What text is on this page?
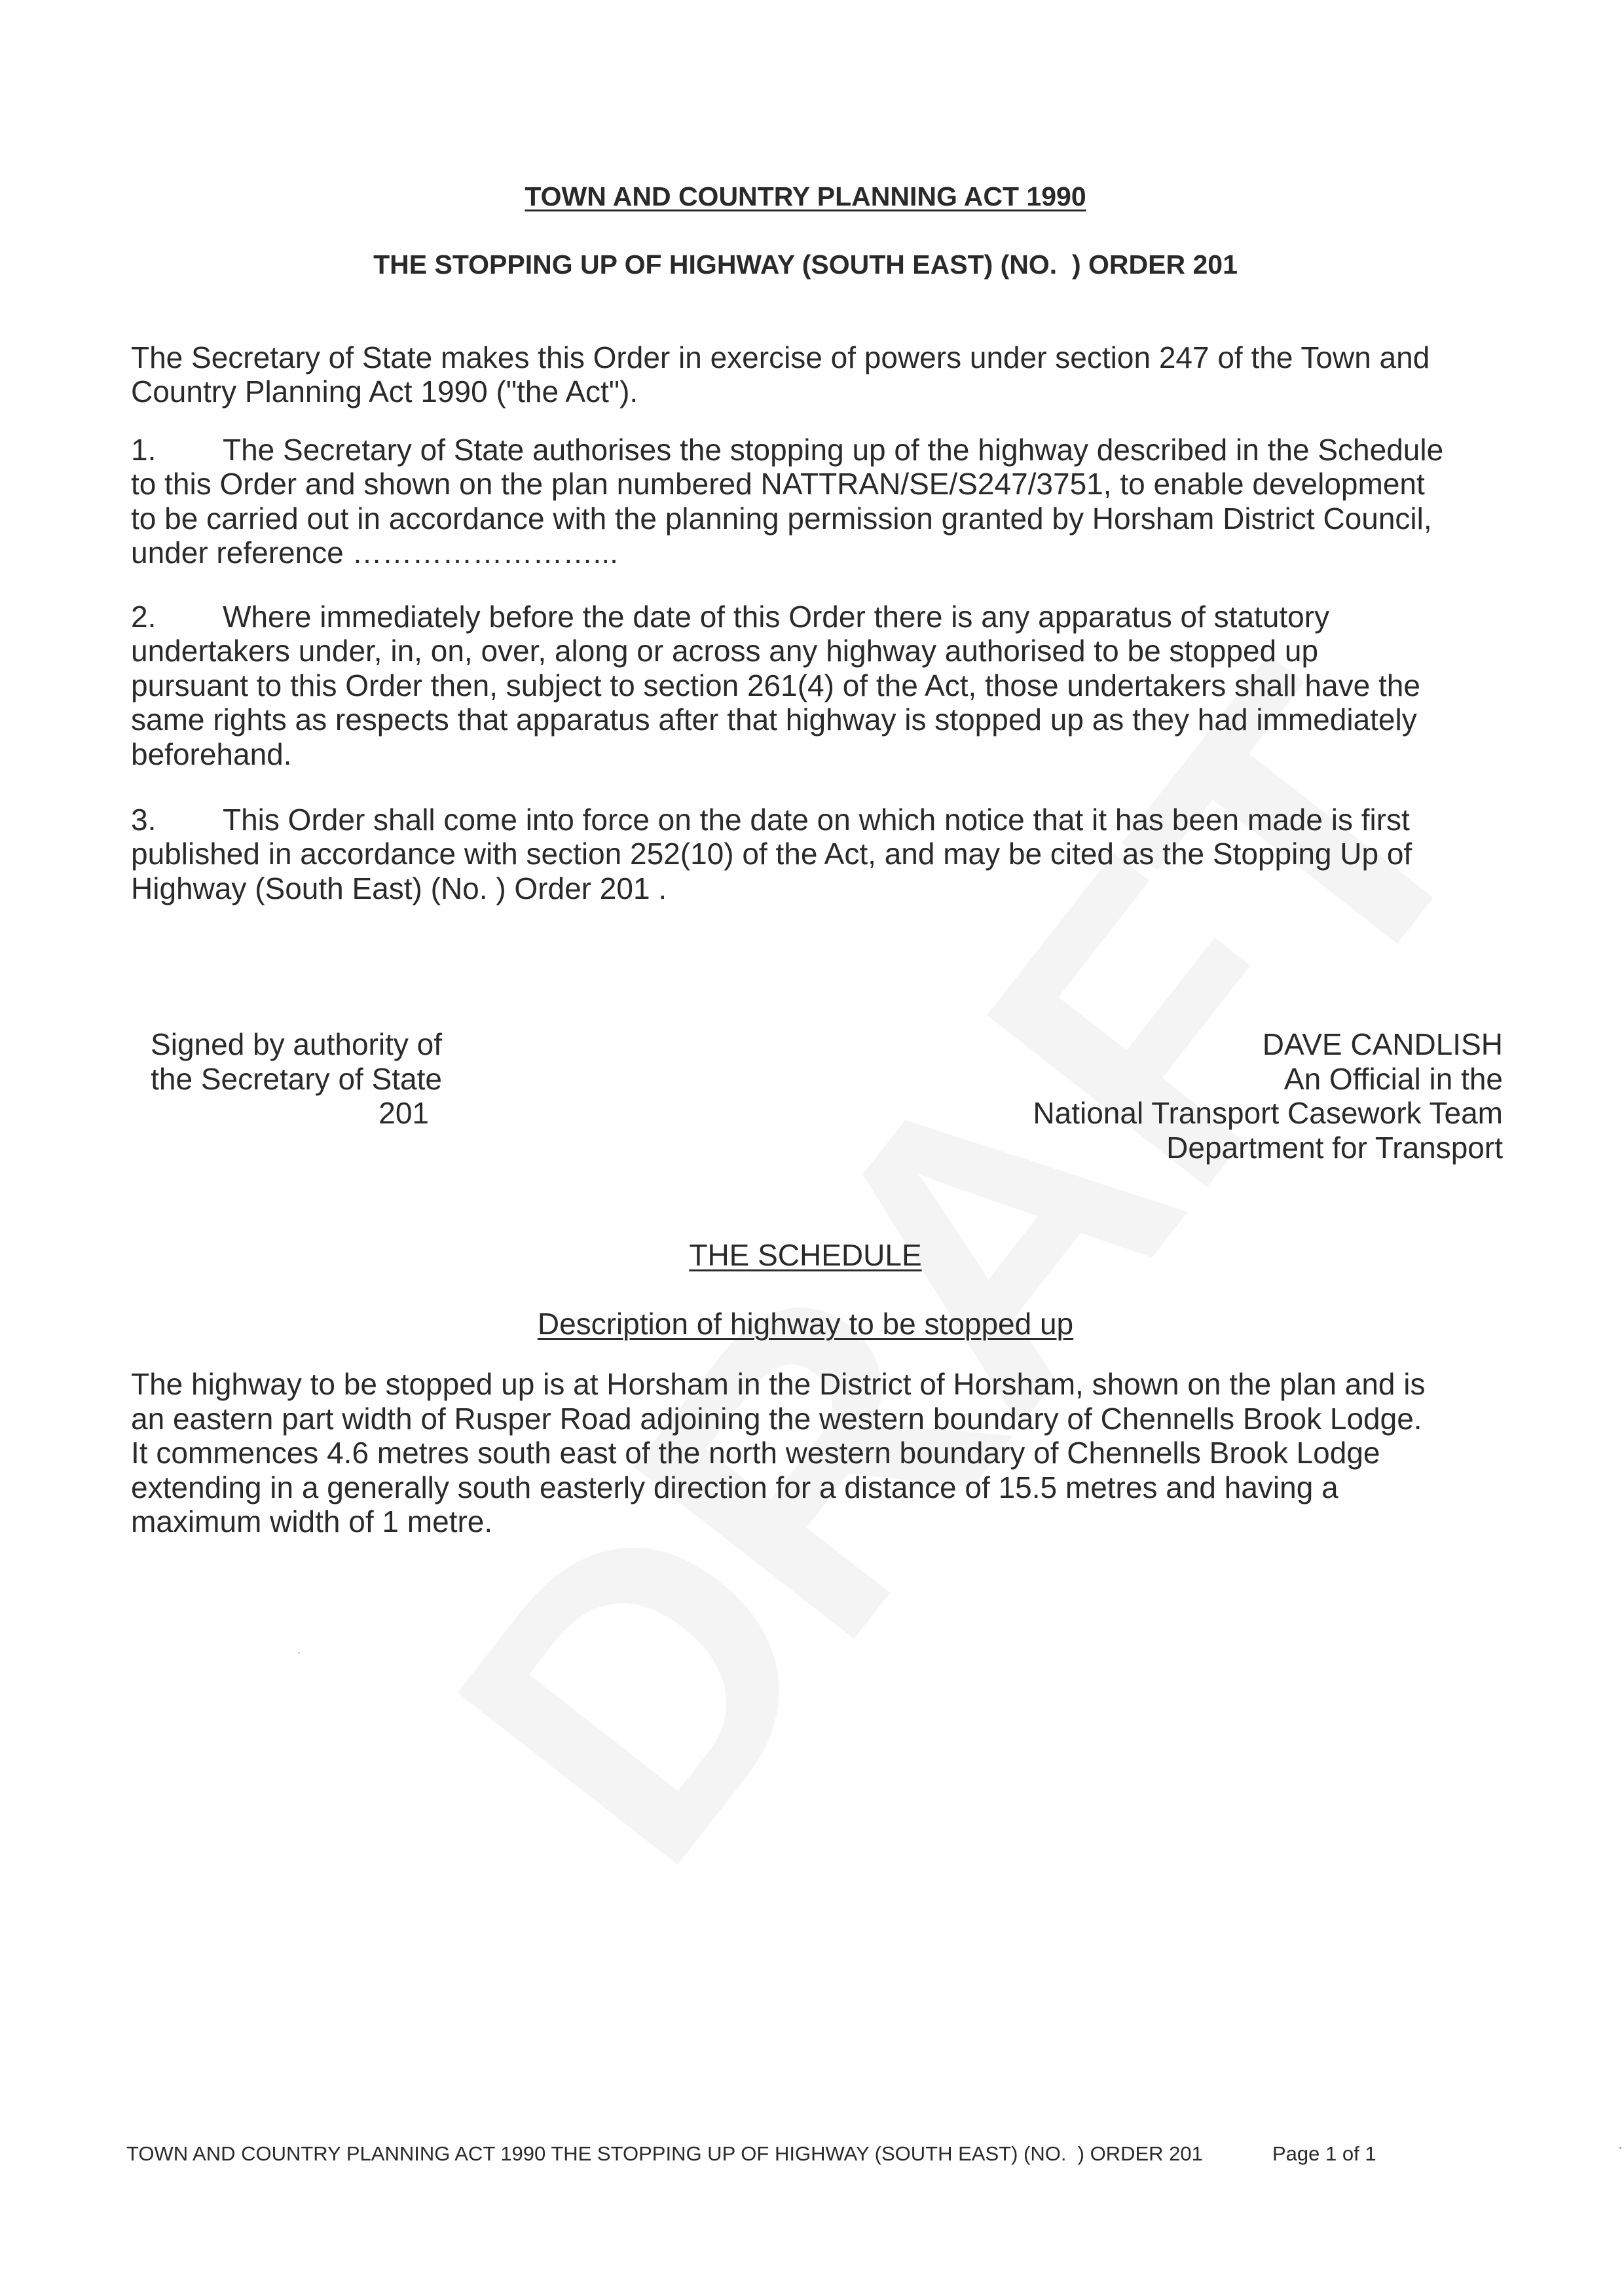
TOWN AND COUNTRY PLANNING ACT 1990
THE STOPPING UP OF HIGHWAY (SOUTH EAST) (NO.  ) ORDER 201
The Secretary of State makes this Order in exercise of powers under section 247 of the Town and
Country Planning Act 1990 ("the Act").
1. The Secretary of State authorises the stopping up of the highway described in the Schedule
to this Order and shown on the plan numbered NATTRAN/SE/S247/3751, to enable development
to be carried out in accordance with the planning permission granted by Horsham District Council,
under reference ……………………...
2. Where immediately before the date of this Order there is any apparatus of statutory
undertakers under, in, on, over, along or across any highway authorised to be stopped up
pursuant to this Order then, subject to section 261(4) of the Act, those undertakers shall have the
same rights as respects that apparatus after that highway is stopped up as they had immediately
beforehand.
3. This Order shall come into force on the date on which notice that it has been made is first
published in accordance with section 252(10) of the Act, and may be cited as the Stopping Up of
Highway (South East) (No. ) Order 201 .
Signed by authority of
the Secretary of State
201
DAVE CANDLISH
An Official in the
National Transport Casework Team
Department for Transport
THE SCHEDULE
Description of highway to be stopped up
The highway to be stopped up is at Horsham in the District of Horsham, shown on the plan and is
an eastern part width of Rusper Road adjoining the western boundary of Chennells Brook Lodge.
It commences 4.6 metres south east of the north western boundary of Chennells Brook Lodge
extending in a generally south easterly direction for a distance of 15.5 metres and having a
maximum width of 1 metre.
TOWN AND COUNTRY PLANNING ACT 1990 THE STOPPING UP OF HIGHWAY (SOUTH EAST) (NO.  ) ORDER 201	Page 1 of 1
